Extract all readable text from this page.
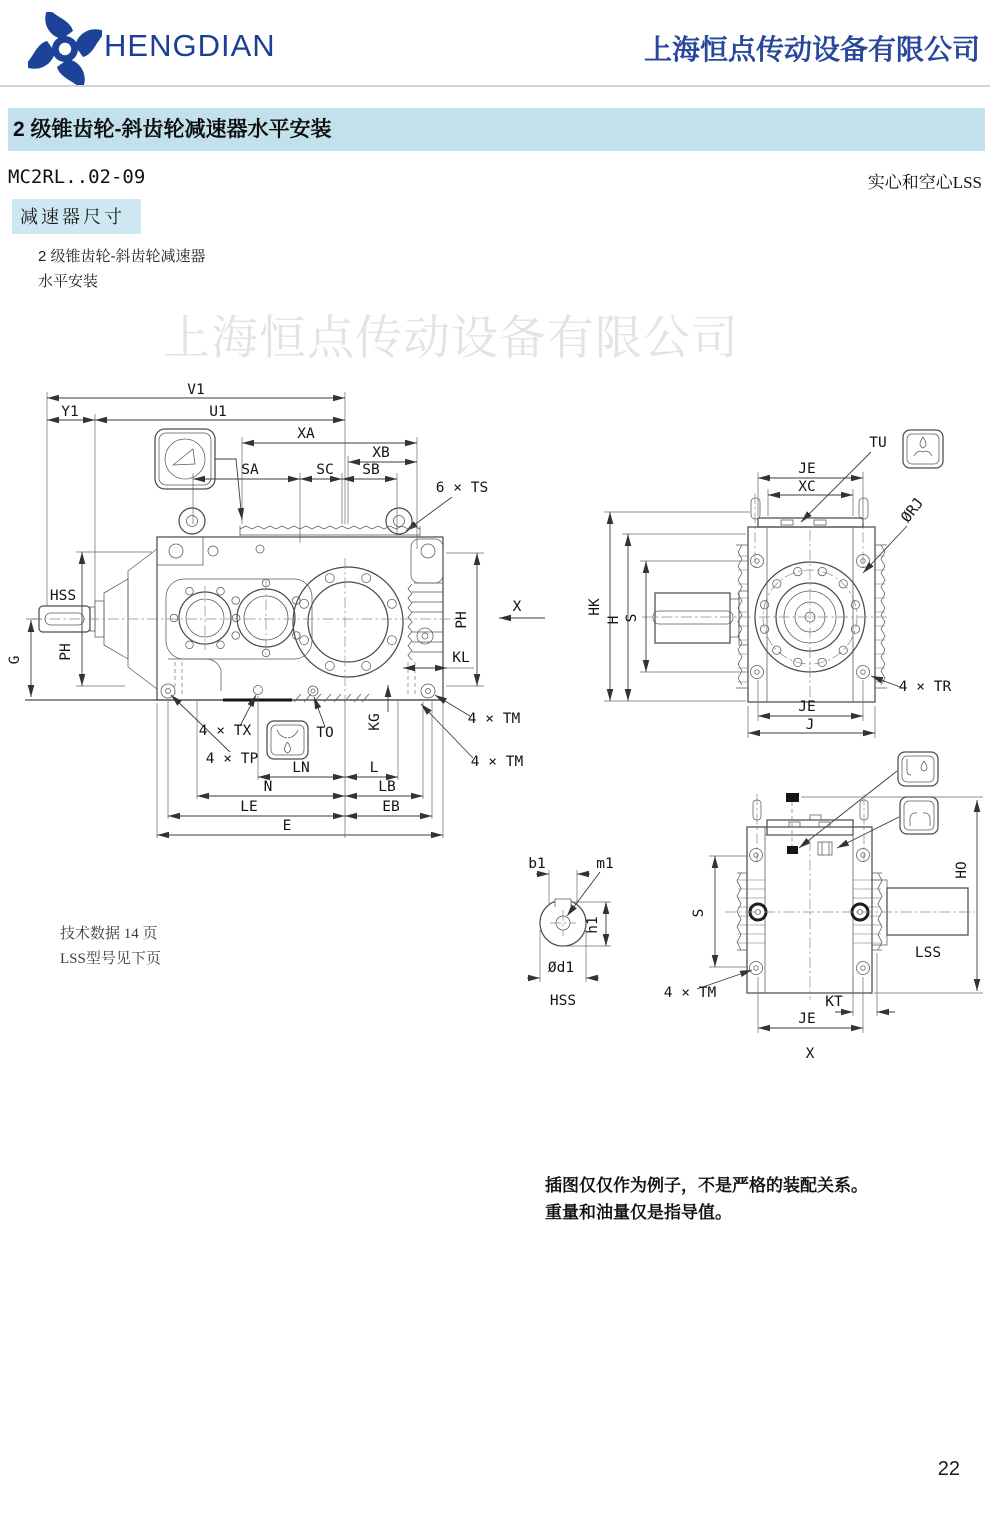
HENGDIAN	上海恒点传动设备有限公司
2 级锥齿轮-斜齿轮减速器水平安装
MC2RL..02-09	实心和空心LSS
减速器尺寸
2 级锥齿轮-斜齿轮减速器
水平安装
上海恒点传动设备有限公司
V1
Y1	U1
XA
XB
SA	SC SB
6 × TS
HSS
G PH
PH
X
KL
KG	4 × TM
4 × TM
4 × TX	TO
4 × TP
LN	L
N	LB
LE	EB
E
TU
JE
XC
ØRJ
HK
H S
4 × TR
JE
J
b1	m1
h1
Ød1
HSS
S
HO
LSS
4 × TM
KT
JE
X
技术数据 14 页
LSS型号见下页
插图仅仅作为例子，不是严格的装配关系。
重量和油量仅是指导值。
22
